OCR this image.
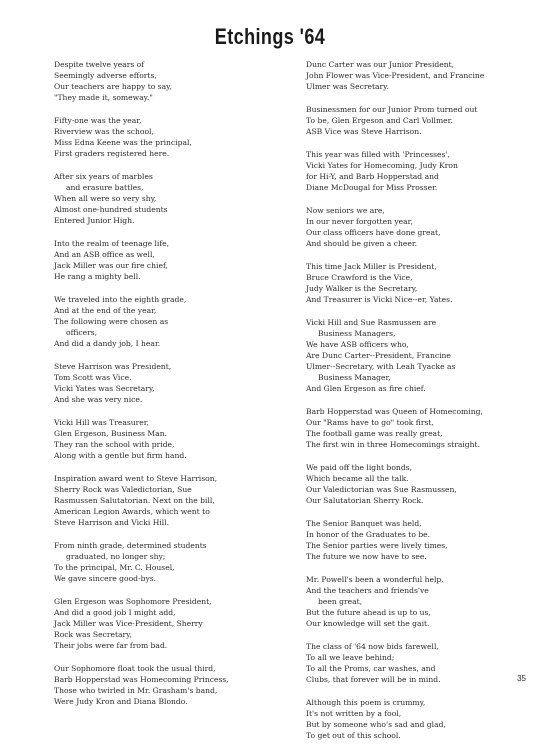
Etchings '64
Despite twelve years of
Seemingly adverse efforts,
Our teachers are happy to say,
"They made it, someway."
Fifty-one was the year,
Riverview was the school,
Miss Edna Keene was the principal,
First graders registered here.
After six years of marbles
and erasure battles,
When all were so very shy,
Almost one-hundred students
Entered Junior High.
Into the realm of teenage life,
And an ASB office as well,
Jack Miller was our fire chief,
He rang a mighty bell.
We traveled into the eighth grade,
And at the end of the year,
The following were chosen as
officers,
And did a dandy job, I hear.
Steve Harrison was President,
Tom Scott was Vice.
Vicki Yates was Secretary,
And she was very nice.
Vicki Hill was Treasurer,
Glen Ergeson, Business Man.
They ran the school with pride,
Along with a gentle but firm hand.
Inspiration award went to Steve Harrison,
Sherry Rock was Valedictorian, Sue
Rasmussen Salutatorian. Next on the bill,
American Legion Awards, which went to
Steve Harrison and Vicki Hill.
From ninth grade, determined students
graduated, no longer shy;
To the principal, Mr. C. Housel,
We gave sincere good-bys.
Glen Ergeson was Sophomore President,
And did a good job I might add,
Jack Miller was Vice-President, Sherry
Rock was Secretary,
Their jobs were far from bad.
Our Sophomore float took the usual third,
Barb Hopperstad was Homecoming Princess,
Those who twirled in Mr. Grasham's band,
Were Judy Kron and Diana Blondo.
Dunc Carter was our Junior President,
John Flower was Vice-President, and Francine
Ulmer was Secretary.
Businessmen for our Junior Prom turned out
To be, Glen Ergeson and Carl Vollmer.
ASB Vice was Steve Harrison.
This year was filled with 'Princesses',
Vicki Yates for Homecoming, Judy Kron
for Hi-Y, and Barb Hopperstad and
Diane McDougal for Miss Prosser.
Now seniors we are,
In our never forgotten year,
Our class officers have done great,
And should be given a cheer.
This time Jack Miller is President,
Bruce Crawford is the Vice,
Judy Walker is the Secretary,
And Treasurer is Vicki Nice--er, Yates.
Vicki Hill and Sue Rasmussen are
Business Managers,
We have ASB officers who,
Are Dunc Carter--President, Francine
Ulmer--Secretary, with Leah Tyacke as
Business Manager,
And Glen Ergeson as fire chief.
Barb Hopperstad was Queen of Homecoming,
Our "Rams have to go" took first,
The football game was really great,
The first win in three Homecomings straight.
We paid off the light bonds,
Which became all the talk.
Our Valedictorian was Sue Rasmussen,
Our Salutatorian Sherry Rock.
The Senior Banquet was held,
In honor of the Graduates to be.
The Senior parties were lively times,
The future we now have to see.
Mr. Powell's been a wonderful help,
And the teachers and friends've
been great,
But the future ahead is up to us,
Our knowledge will set the gait.
The class of '64 now bids farewell,
To all we leave behind;
To all the Proms, car washes, and
Clubs, that forever will be in mind.
Although this poem is crummy,
It's not written by a fool,
But by someone who's sad and glad,
To get out of this school.
35
